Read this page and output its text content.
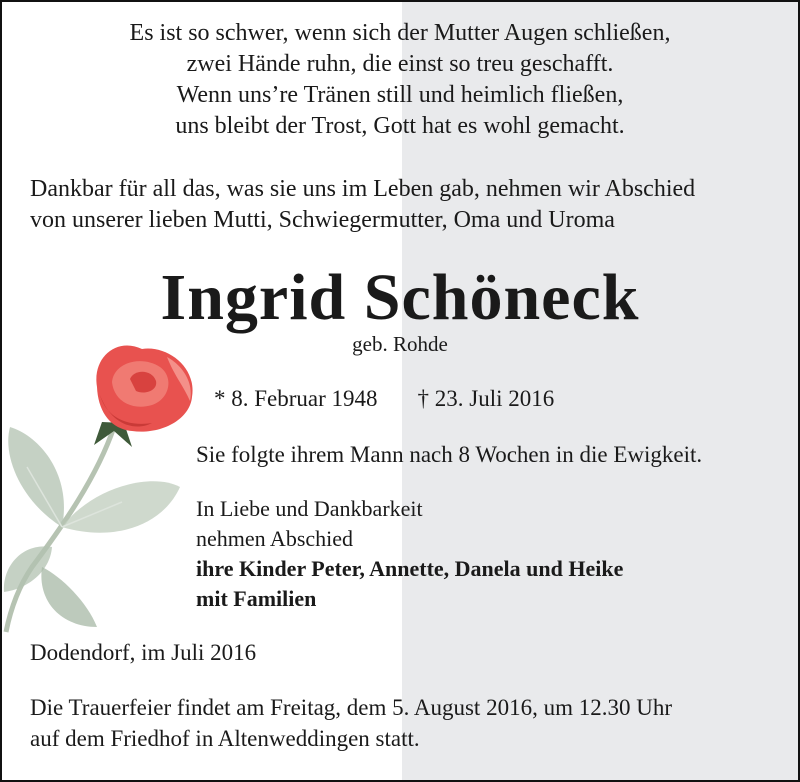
Es ist so schwer, wenn sich der Mutter Augen schließen,
zwei Hände ruhn, die einst so treu geschafft.
Wenn uns’re Tränen still und heimlich fließen,
uns bleibt der Trost, Gott hat es wohl gemacht.
Dankbar für all das, was sie uns im Leben gab, nehmen wir Abschied
von unserer lieben Mutti, Schwiegermutter, Oma und Uroma
Ingrid Schöneck
geb. Rohde
* 8. Februar 1948 † 23. Juli 2016
Sie folgte ihrem Mann nach 8 Wochen in die Ewigkeit.
In Liebe und Dankbarkeit
nehmen Abschied
ihre Kinder Peter, Annette, Danela und Heike
mit Familien
Dodendorf, im Juli 2016
Die Trauerfeier findet am Freitag, dem 5. August 2016, um 12.30 Uhr
auf dem Friedhof in Altenweddingen statt.
